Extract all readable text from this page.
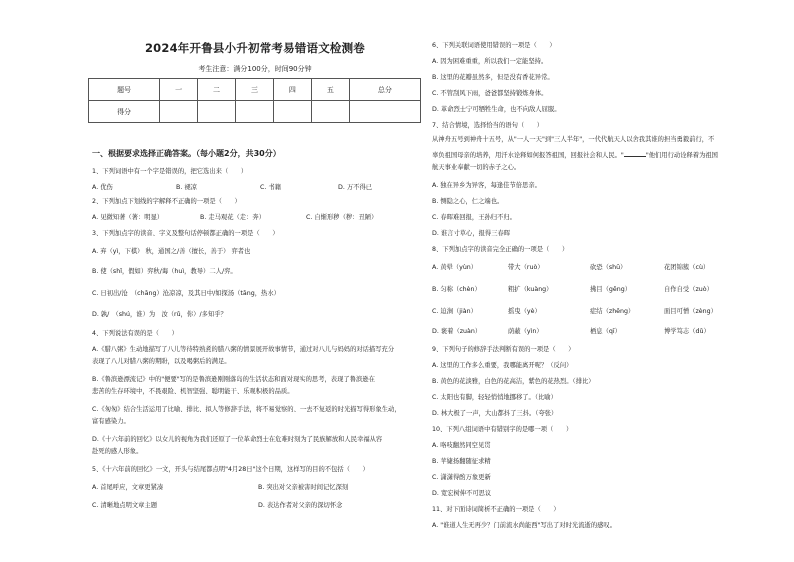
2024年开鲁县小升初常考易错语文检测卷
考生注意：满分100分，时间90分钟
题号	一	二	三	四	五	总分
得分						
一、根据要求选择正确答案。（每小题2分，共30分）
1、下列词语中有一个字是错误的，把它选出来（　　）
A. 优伤	B. 褪凉	C. 书籍	D. 万不得已
2、下列加点下划线的字解释不正确的一项是（　　）
A. 见微知著（著：明显）	B. 走马观花（走：奔）	C. 自惭形秽（秽：丑陋）
3、下列加点字的读音、字义及整句话停顿都正确的一项是（　　）
A. 弃（yì，下棋） 秋，通国之/善（擅长，善于） 弈者也
B. 使（shǐ，假如）弈秋/诲（huì，教导）二人/弈。
C. 日初出/沧　（chāng）沧凉凉，及其日中/如探汤（tāng，热水）
D. 孰/　（shú，谁）为　汝（rǔ，你）/多知乎？
4、下列说法有误的是（　　）
A.《腊八粥》生动地描写了八儿等待特熟煮的腊八粥的情景展开故事情节，通过对八儿与妈妈的对话描写充分
表现了八儿对腊八粥的期盼，以及喝粥后的满足。
B.《鲁滨逊漂流记》中的"便要"写的是鲁滨逊刚刚落岛的生活状态和面对现实的思考，表现了鲁滨逊在
悲苦的生存环境中，不畏艰险、机智坚强、聪明能干、乐观积极的品质。
C.《匆匆》结合生活运用了比喻、排比、拟人等修辞手法，将不易觉察的、一去不复返的时光描写得形象生动，
富有感染力。
D.《十六年前的回忆》以女儿的视角为我们还原了一位革命烈士在危难时刻为了民族解放和人民幸福从容
赴死的感人形象。
5、《十六年前的回忆》一文，开头与结尾都点明"4月28日"这个日期，这样写的目的不包括（　　）
A. 首尾呼应，文章更紧凑	B. 突出对父亲被害时间记忆深刻
C. 清晰地点明文章主题	D. 表达作者对父亲的深切怀念
6、下列关联词语使用错误的一项是（　　）
A. 因为困难重重，所以我们一定能坚持。
B. 这里的花瓣虽然多，但是没有香花异常。
C. 不管刮风下雨，爸爸都坚持锻炼身体。
D. 革命烈士宁可牺牲生命，也不向敌人屈服。
7、结合情境，选择恰当的语句（　　）
从神舟五号到神舟十五号，从"一人一天"到"三人半年"，一代代航天人以舍我其谁的担当勇毅前行，不
辜负祖国母亲的培养，用汗水诠释如何报答祖国，回报社会和人民。"	"他们用行动诠释着为祖国
航天事业奉献一切的赤子之心。
A. 独在异乡为异客，每逢佳节倍思亲。
B. 恻隐之心，仁之端也。
C. 春晖难回报，王孙归不归。
D. 谁言寸草心，报得三春晖
8、下列加点字的读音完全正确的一项是（　　）
A. 黄晕（yùn）	带大（ruò）	砍恐（shū）	花团锦簇（cù）
B. 匀称（chèn）	粗扩（kuàng）	拂目（gēng）	自作自受（zuò）
C. 迫涧（jiàn）	摇曳（yè）	症结（zhēng）	面目可憎（zèng）
D. 褒着（zuàn）	荫蔽（yìn）	栖息（qī）	博学笃志（dǔ）
9、下列句子的修辞手法判断有误的一项是（　　）
A. 这里的工作多么重要，我哪能离开呢？（反问）
B. 黄色的花淡雅，白色的花高洁，紫色的花热烈。（排比）
C. 太阳也有脚，轻轻悄悄地挪移了。（比喻）
D. 林大极了一声，大山都抖了三抖。（夸张）
10、下列八组词语中有错别字的是哪一项（　　）
A. 咯吱翻然同空见贯
B. 苹婕扬翻随征求精
C. 潇潇得酌万象更新
D. 宽宏树伸不可思议
11、对下面诗词简析不正确的一项是（　　）
A. "谁道人生无再少？门前流水尚能西"写出了对时光流逝的感叹。
